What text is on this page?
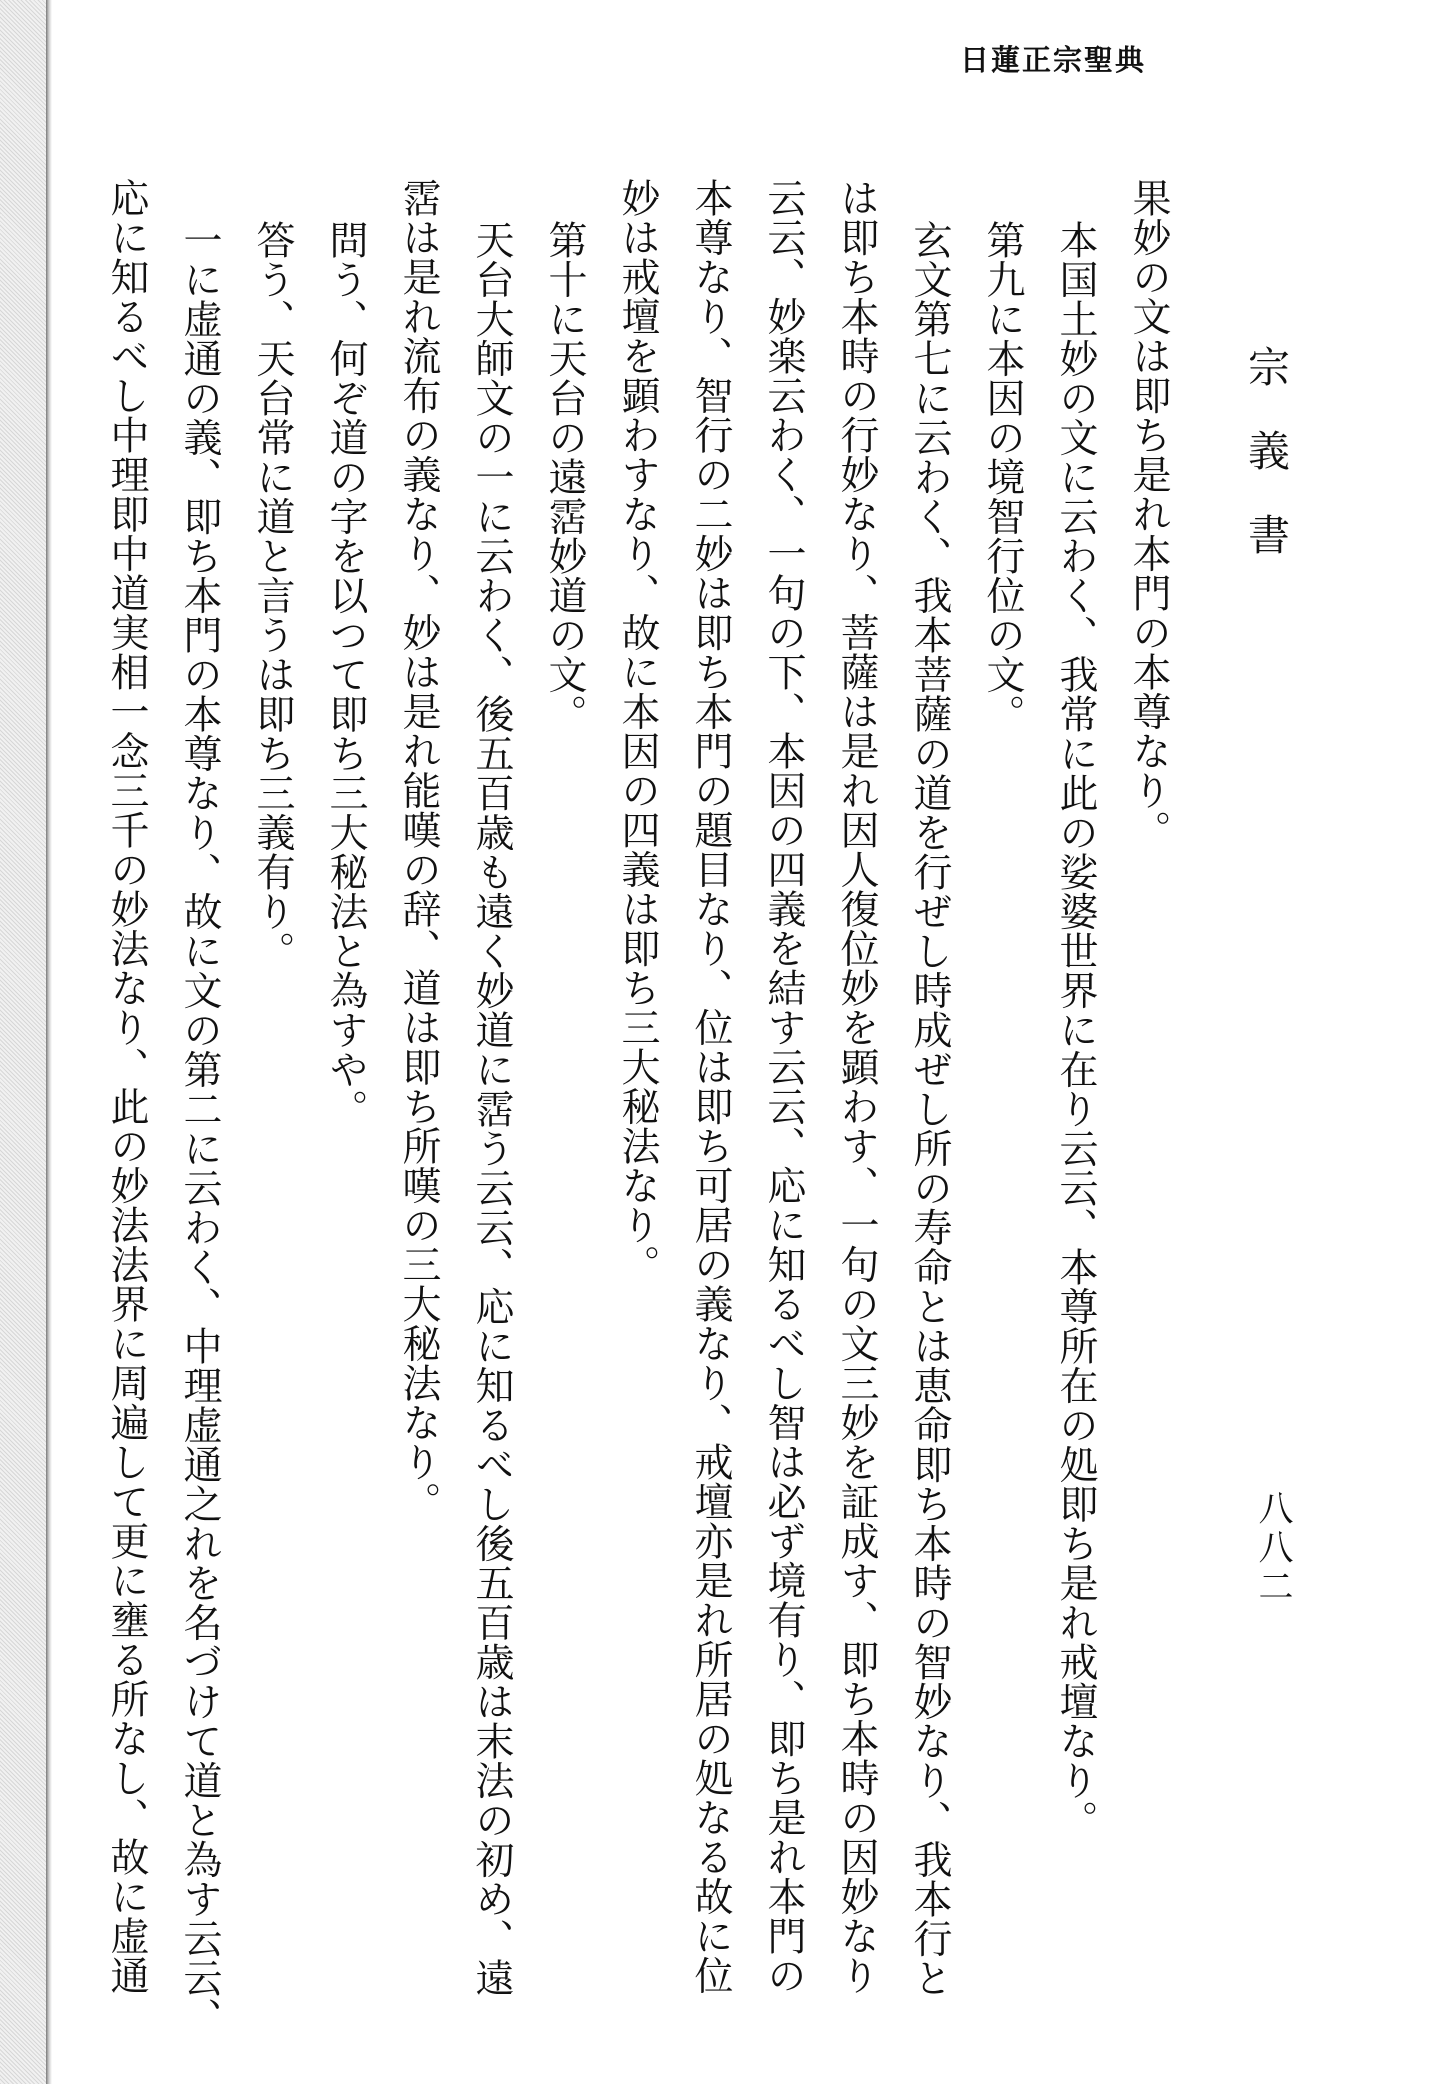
日蓮正宗聖典
宗義書
八八二
果妙の文は即ち是れ本門の本尊なり。
本国土妙の文に云わく、我常に此の娑婆世界に在り云云、本尊所在の処即ち是れ戒壇なり。
第九に本因の境智行位の文。
玄文第七に云わく、我本菩薩の道を行ぜし時成ぜし所の寿命とは恵命即ち本時の智妙なり、我本行と
は即ち本時の行妙なり、菩薩は是れ因人復位妙を顕わす、一句の文三妙を証成す、即ち本時の因妙なり
云云、妙楽云わく、一句の下、本因の四義を結す云云、応に知るべし智は必ず境有り、即ち是れ本門の
本尊なり、智行の二妙は即ち本門の題目なり、位は即ち可居の義なり、戒壇亦是れ所居の処なる故に位
妙は戒壇を顕わすなり、故に本因の四義は即ち三大秘法なり。
第十に天台の遠霑妙道の文。
天台大師文の一に云わく、後五百歳も遠く妙道に霑う云云、応に知るべし後五百歳は末法の初め、遠
霑は是れ流布の義なり、妙は是れ能嘆の辞、道は即ち所嘆の三大秘法なり。
問う、何ぞ道の字を以つて即ち三大秘法と為すや。
答う、天台常に道と言うは即ち三義有り。
一に虚通の義、即ち本門の本尊なり、故に文の第二に云わく、中理虚通之れを名づけて道と為す云云、
応に知るべし中理即中道実相一念三千の妙法なり、此の妙法法界に周遍して更に壅る所なし、故に虚通
